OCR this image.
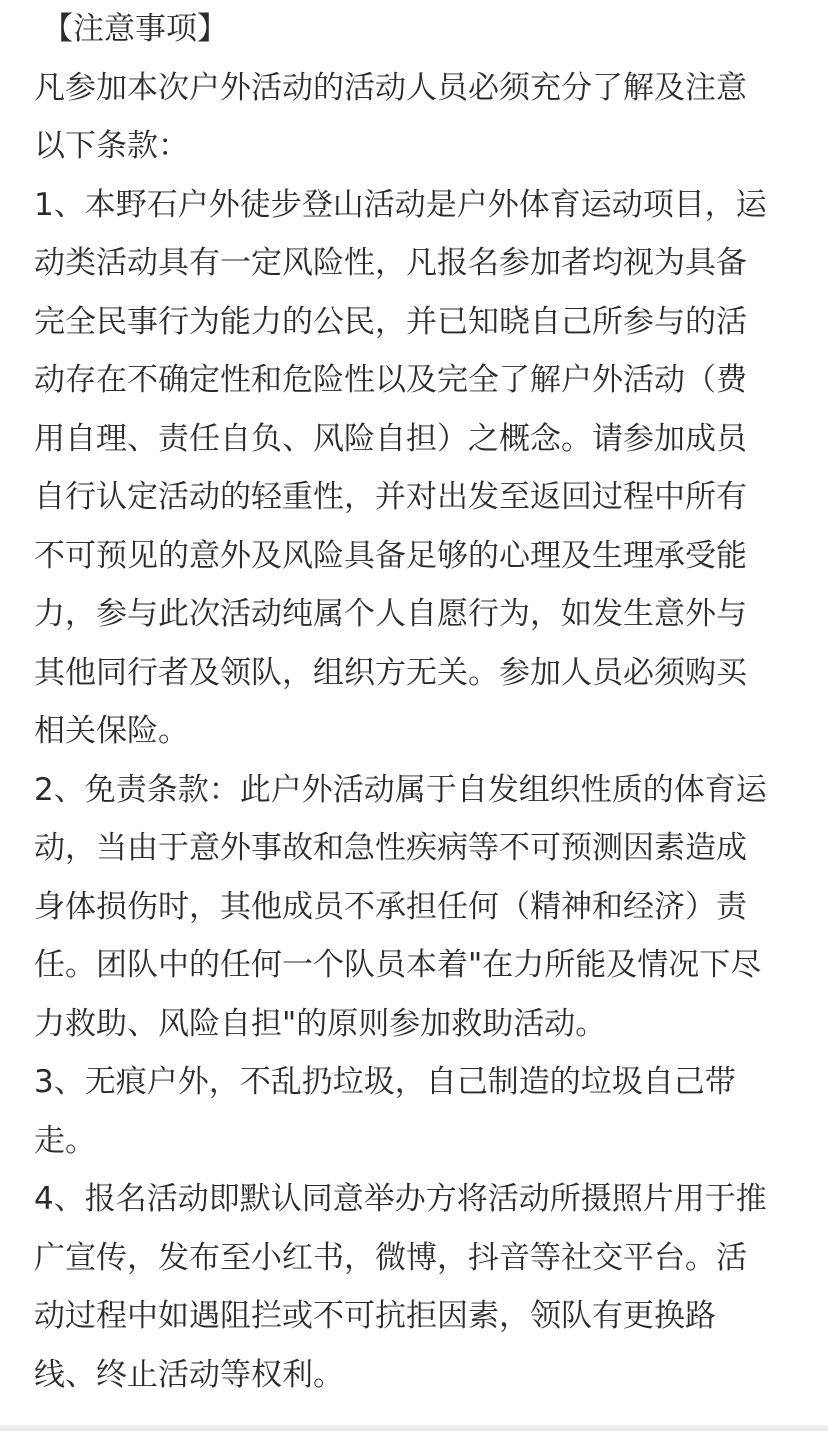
【注意事项】
凡参加本次户外活动的活动人员必须充分了解及注意
以下条款：
1、本野石户外徒步登山活动是户外体育运动项目，运
动类活动具有一定风险性，凡报名参加者均视为具备
完全民事行为能力的公民，并已知晓自己所参与的活
动存在不确定性和危险性以及完全了解户外活动（费
用自理、责任自负、风险自担）之概念。请参加成员
自行认定活动的轻重性，并对出发至返回过程中所有
不可预见的意外及风险具备足够的心理及生理承受能
力，参与此次活动纯属个人自愿行为，如发生意外与
其他同行者及领队，组织方无关。参加人员必须购买
相关保险。
2、免责条款：此户外活动属于自发组织性质的体育运
动，当由于意外事故和急性疾病等不可预测因素造成
身体损伤时，其他成员不承担任何（精神和经济）责
任。团队中的任何一个队员本着"在力所能及情况下尽
力救助、风险自担"的原则参加救助活动。
3、无痕户外，不乱扔垃圾，自己制造的垃圾自己带
走。
4、报名活动即默认同意举办方将活动所摄照片用于推
广宣传，发布至小红书，微博，抖音等社交平台。活
动过程中如遇阻拦或不可抗拒因素，领队有更换路
线、终止活动等权利。
